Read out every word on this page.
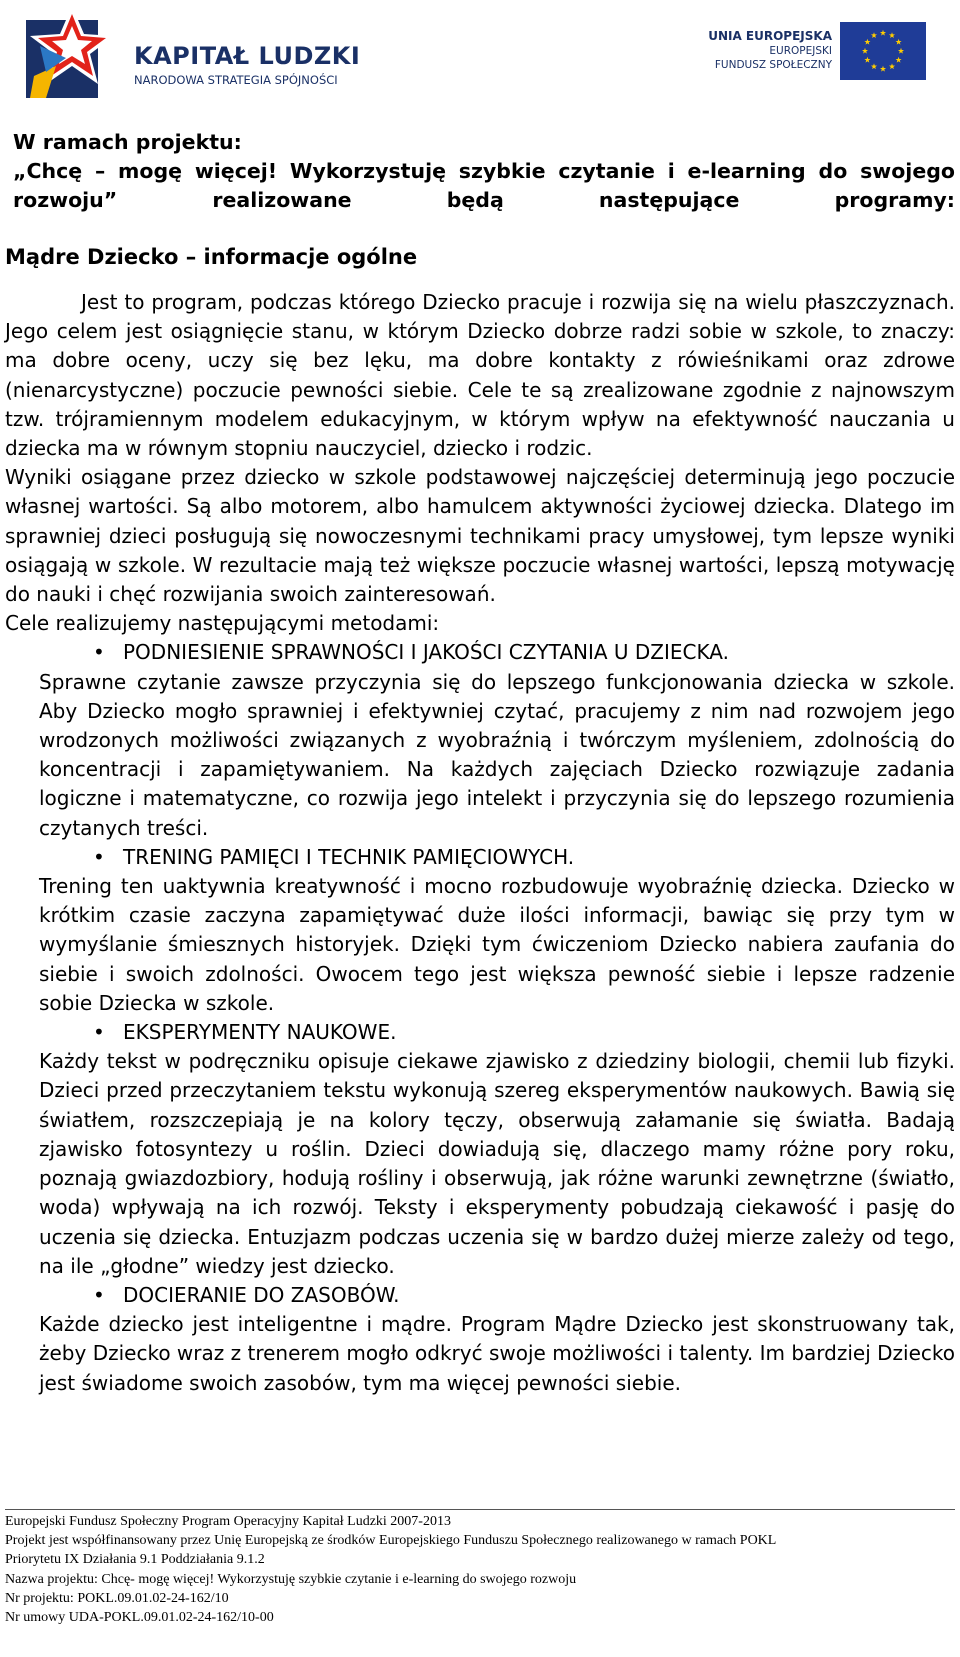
KAPITAŁ LUDZKI
NARODOWA STRATEGIA SPÓJNOŚCI
UNIA EUROPEJSKA
EUROPEJSKI
FUNDUSZ SPOŁECZNY
W ramach projektu:

„Chcę – mogę więcej! Wykorzystuję szybkie czytanie i e-learning do swojego rozwoju” realizowane będą następujące programy:

Mądre Dziecko – informacje ogólne

Jest to program, podczas którego Dziecko pracuje i rozwija się na wielu płaszczyznach. Jego celem jest osiągnięcie stanu, w którym Dziecko dobrze radzi sobie w szkole, to znaczy: ma dobre oceny, uczy się bez lęku, ma dobre kontakty z rówieśnikami oraz zdrowe (nienarcystyczne) poczucie pewności siebie. Cele te są zrealizowane zgodnie z najnowszym tzw. trójramiennym modelem edukacyjnym, w którym wpływ na efektywność nauczania u dziecka ma w równym stopniu nauczyciel, dziecko i rodzic.

Wyniki osiągane przez dziecko w szkole podstawowej najczęściej determinują jego poczucie własnej wartości. Są albo motorem, albo hamulcem aktywności życiowej dziecka. Dlatego im sprawniej dzieci posługują się nowoczesnymi technikami pracy umysłowej, tym lepsze wyniki osiągają w szkole. W rezultacie mają też większe poczucie własnej wartości, lepszą motywację do nauki i chęć rozwijania swoich zainteresowań.

Cele realizujemy następującymi metodami:

• PODNIESIENIE SPRAWNOŚCI I JAKOŚCI CZYTANIA U DZIECKA.

Sprawne czytanie zawsze przyczynia się do lepszego funkcjonowania dziecka w szkole. Aby Dziecko mogło sprawniej i efektywniej czytać, pracujemy z nim nad rozwojem jego wrodzonych możliwości związanych z wyobraźnią i twórczym myśleniem, zdolnością do koncentracji i zapamiętywaniem. Na każdych zajęciach Dziecko rozwiązuje zadania logiczne i matematyczne, co rozwija jego intelekt i przyczynia się do lepszego rozumienia czytanych treści.

• TRENING PAMIĘCI I TECHNIK PAMIĘCIOWYCH.

Trening ten uaktywnia kreatywność i mocno rozbudowuje wyobraźnię dziecka. Dziecko w krótkim czasie zaczyna zapamiętywać duże ilości informacji, bawiąc się przy tym w wymyślanie śmiesznych historyjek. Dzięki tym ćwiczeniom Dziecko nabiera zaufania do siebie i swoich zdolności. Owocem tego jest większa pewność siebie i lepsze radzenie sobie Dziecka w szkole.

• EKSPERYMENTY NAUKOWE.

Każdy tekst w podręczniku opisuje ciekawe zjawisko z dziedziny biologii, chemii lub fizyki. Dzieci przed przeczytaniem tekstu wykonują szereg eksperymentów naukowych. Bawią się światłem, rozszczepiają je na kolory tęczy, obserwują załamanie się światła. Badają zjawisko fotosyntezy u roślin. Dzieci dowiadują się, dlaczego mamy różne pory roku, poznają gwiazdozbiory, hodują rośliny i obserwują, jak różne warunki zewnętrzne (światło, woda) wpływają na ich rozwój. Teksty i eksperymenty pobudzają ciekawość i pasję do uczenia się dziecka. Entuzjazm podczas uczenia się w bardzo dużej mierze zależy od tego, na ile „głodne” wiedzy jest dziecko.

• DOCIERANIE DO ZASOBÓW.

Każde dziecko jest inteligentne i mądre. Program Mądre Dziecko jest skonstruowany tak, żeby Dziecko wraz z trenerem mogło odkryć swoje możliwości i talenty. Im bardziej Dziecko jest świadome swoich zasobów, tym ma więcej pewności siebie.

Europejski Fundusz Społeczny Program Operacyjny Kapitał Ludzki 2007-2013
Projekt jest współfinansowany przez Unię Europejską ze środków Europejskiego Funduszu Społecznego realizowanego w ramach POKL
Priorytetu IX Działania 9.1 Poddziałania 9.1.2
Nazwa projektu: Chcę- mogę więcej! Wykorzystuję szybkie czytanie i e-learning do swojego rozwoju
Nr projektu: POKL.09.01.02-24-162/10
Nr umowy UDA-POKL.09.01.02-24-162/10-00
